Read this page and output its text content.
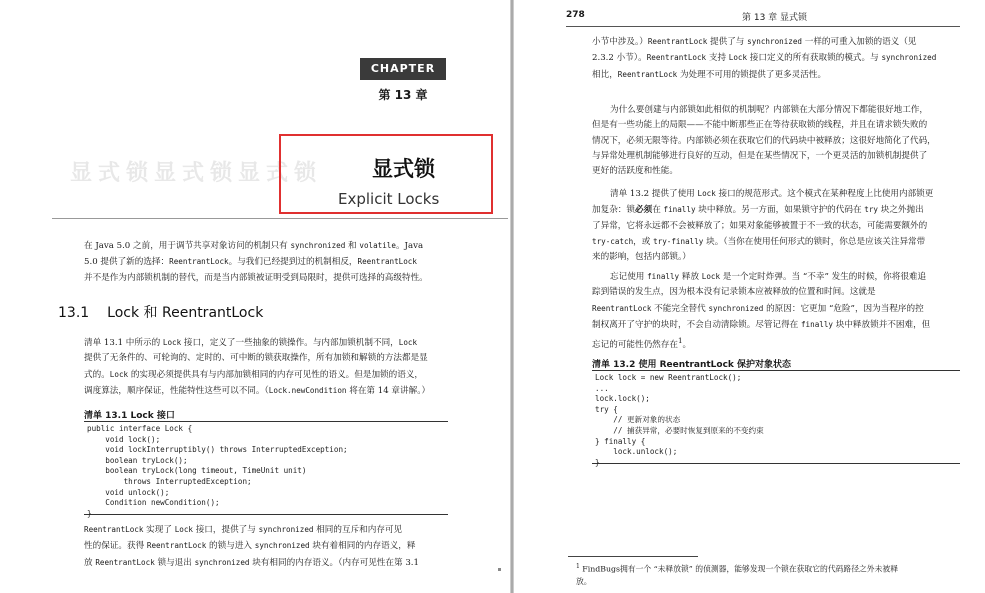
CHAPTER
第 13 章
显式锁显式锁显式锁 显式锁
Explicit Locks
在 Java 5.0 之前，用于调节共享对象访问的机制只有 synchronized 和 volatile。Java
5.0 提供了新的选择：ReentrantLock。与我们已经提到过的机制相反，ReentrantLock
并不是作为内部锁机制的替代，而是当内部锁被证明受到局限时，提供可选择的高级特性。
13.1 Lock 和 ReentrantLock
清单 13.1 中所示的 Lock 接口，定义了一些抽象的锁操作。与内部加锁机制不同，Lock
提供了无条件的、可轮询的、定时的、可中断的锁获取操作，所有加锁和解锁的方法都是显
式的。Lock 的实现必须提供具有与内部加锁相同的内存可见性的语义。但是加锁的语义，
调度算法，顺序保证，性能特性这些可以不同。（Lock.newCondition 将在第 14 章讲解。）
清单 13.1 Lock 接口
public interface Lock {
void lock();
void lockInterruptibly() throws InterruptedException;
boolean tryLock();
boolean tryLock(long timeout, TimeUnit unit)
throws InterruptedException;
void unlock();
Condition newCondition();
}
ReentrantLock 实现了 Lock 接口，提供了与 synchronized 相同的互斥和内存可见
性的保证。获得 ReentrantLock 的锁与进入 synchronized 块有着相同的内存语义，释
放 ReentrantLock 锁与退出 synchronized 块有相同的内存语义。（内存可见性在第 3.1
278	第 13 章 显式锁
小节中涉及。）ReentrantLock 提供了与 synchronized 一样的可重入加锁的语义（见
2.3.2 小节）。ReentrantLock 支持 Lock 接口定义的所有获取锁的模式。与 synchronized
相比，ReentrantLock 为处理不可用的锁提供了更多灵活性。
为什么要创建与内部锁如此相似的机制呢？内部锁在大部分情况下都能很好地工作，
但是有一些功能上的局限——不能中断那些正在等待获取锁的线程，并且在请求锁失败的
情况下，必须无限等待。内部锁必须在获取它们的代码块中被释放；这很好地简化了代码，
与异常处理机制能够进行良好的互动，但是在某些情况下，一个更灵活的加锁机制提供了
更好的活跃度和性能。
清单 13.2 提供了使用 Lock 接口的规范形式。这个模式在某种程度上比使用内部锁更
加复杂：锁必须在 finally 块中释放。另一方面，如果锁守护的代码在 try 块之外抛出
了异常，它将永远都不会被释放了；如果对象能够被置于不一致的状态，可能需要额外的
try-catch，或 try-finally 块。（当你在使用任何形式的锁时，你总是应该关注异常带
来的影响，包括内部锁。）
忘记使用 finally 释放 Lock 是一个定时炸弹。当 “不幸” 发生的时候，你将很难追
踪到错误的发生点，因为根本没有记录锁本应被释放的位置和时间。这就是
ReentrantLock 不能完全替代 synchronized 的原因：它更加 “危险”，因为当程序的控
制权离开了守护的块时，不会自动清除锁。尽管记得在 finally 块中释放锁并不困难，但
忘记的可能性仍然存在$^1$。
清单 13.2 使用 ReentrantLock 保护对象状态
Lock lock = new ReentrantLock();
...
lock.lock();
try {
// 更新对象的状态
// 捕获异常，必要时恢复到原来的不变约束
} finally {
lock.unlock();
}
$^1$ FindBugs拥有一个 “未释放锁” 的侦测器，能够发现一个锁在获取它的代码路径之外未被释
放。
